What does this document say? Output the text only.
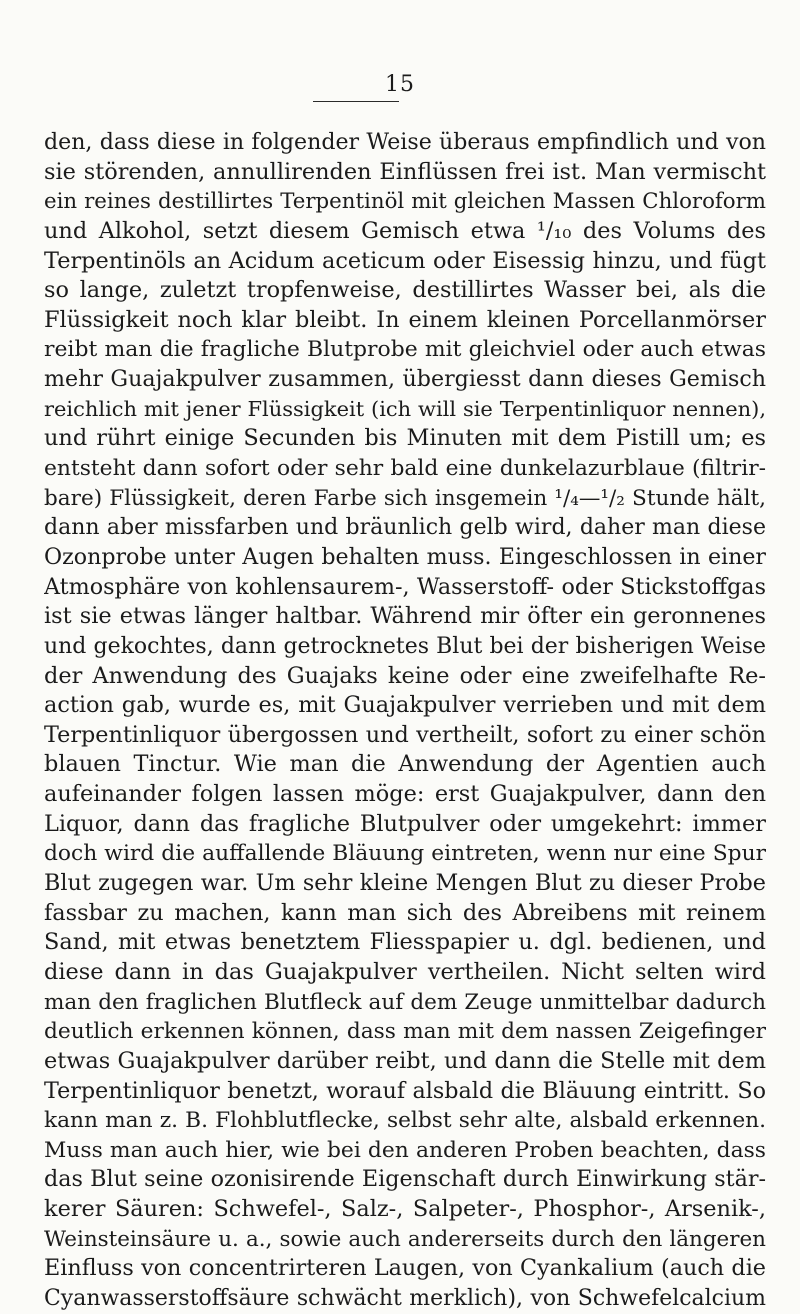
15
den, dass diese in folgender Weise überaus empfindlich und von
sie störenden, annullirenden Einflüssen frei ist. Man vermischt
ein reines destillirtes Terpentinöl mit gleichen Massen Chloroform
und Alkohol, setzt diesem Gemisch etwa ¹/₁₀ des Volums des
Terpentinöls an Acidum aceticum oder Eisessig hinzu, und fügt
so lange, zuletzt tropfenweise, destillirtes Wasser bei, als die
Flüssigkeit noch klar bleibt. In einem kleinen Porcellanmörser
reibt man die fragliche Blutprobe mit gleichviel oder auch etwas
mehr Guajakpulver zusammen, übergiesst dann dieses Gemisch
reichlich mit jener Flüssigkeit (ich will sie Terpentinliquor nennen),
und rührt einige Secunden bis Minuten mit dem Pistill um; es
entsteht dann sofort oder sehr bald eine dunkelazurblaue (filtrir-
bare) Flüssigkeit, deren Farbe sich insgemein ¹/₄—¹/₂ Stunde hält,
dann aber missfarben und bräunlich gelb wird, daher man diese
Ozonprobe unter Augen behalten muss. Eingeschlossen in einer
Atmosphäre von kohlensaurem-, Wasserstoff- oder Stickstoffgas
ist sie etwas länger haltbar. Während mir öfter ein geronnenes
und gekochtes, dann getrocknetes Blut bei der bisherigen Weise
der Anwendung des Guajaks keine oder eine zweifelhafte Re-
action gab, wurde es, mit Guajakpulver verrieben und mit dem
Terpentinliquor übergossen und vertheilt, sofort zu einer schön
blauen Tinctur. Wie man die Anwendung der Agentien auch
aufeinander folgen lassen möge: erst Guajakpulver, dann den
Liquor, dann das fragliche Blutpulver oder umgekehrt: immer
doch wird die auffallende Bläuung eintreten, wenn nur eine Spur
Blut zugegen war. Um sehr kleine Mengen Blut zu dieser Probe
fassbar zu machen, kann man sich des Abreibens mit reinem
Sand, mit etwas benetztem Fliesspapier u. dgl. bedienen, und
diese dann in das Guajakpulver vertheilen. Nicht selten wird
man den fraglichen Blutfleck auf dem Zeuge unmittelbar dadurch
deutlich erkennen können, dass man mit dem nassen Zeigefinger
etwas Guajakpulver darüber reibt, und dann die Stelle mit dem
Terpentinliquor benetzt, worauf alsbald die Bläuung eintritt. So
kann man z. B. Flohblutflecke, selbst sehr alte, alsbald erkennen.
Muss man auch hier, wie bei den anderen Proben beachten, dass
das Blut seine ozonisirende Eigenschaft durch Einwirkung stär-
kerer Säuren: Schwefel-, Salz-, Salpeter-, Phosphor-, Arsenik-,
Weinsteinsäure u. a., sowie auch andererseits durch den längeren
Einfluss von concentrirteren Laugen, von Cyankalium (auch die
Cyanwasserstoffsäure schwächt merklich), von Schwefelcalcium
